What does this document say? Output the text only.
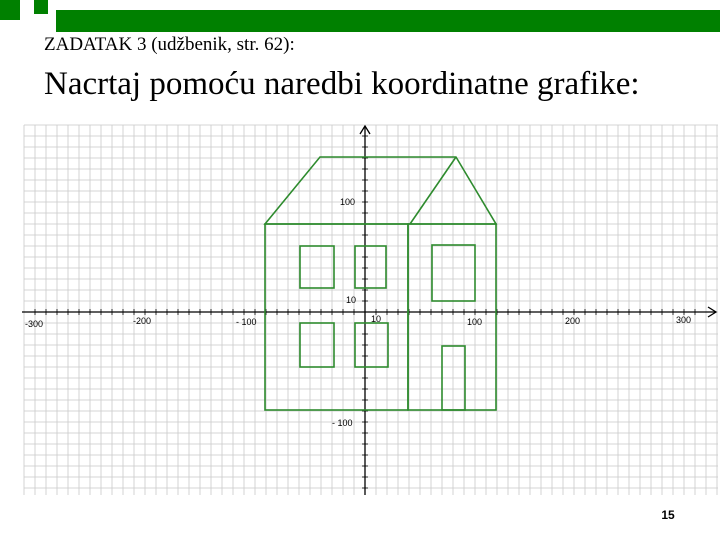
ZADATAK 3 (udžbenik, str. 62):
Nacrtaj pomoću naredbi koordinatne grafike:
-300	-200	- 100	10	100	200	300
100
10
- 100
15
